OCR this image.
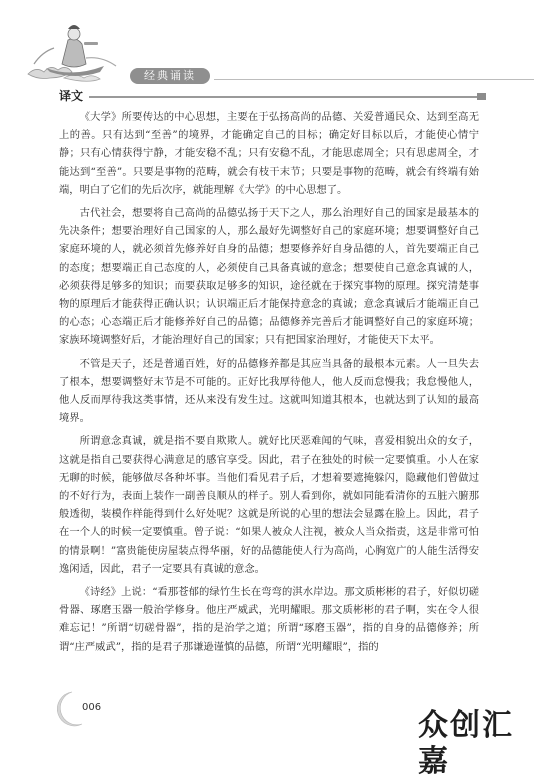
经典诵读
译文

《大学》所要传达的中心思想，主要在于弘扬高尚的品德、关爱普通民众、达到至高无上的善。只有达到“至善”的境界，才能确定自己的目标；确定好目标以后，才能使心情宁静；只有心情获得宁静，才能安稳不乱；只有安稳不乱，才能思虑周全；只有思虑周全，才能达到“至善”。只要是事物的范畴，就会有枝干末节；只要是事物的范畴，就会有终端有始端，明白了它们的先后次序，就能理解《大学》的中心思想了。

古代社会，想要将自己高尚的品德弘扬于天下之人，那么治理好自己的国家是最基本的先决条件；想要治理好自己国家的人，那么最好先调整好自己的家庭环境；想要调整好自己家庭环境的人，就必须首先修养好自身的品德；想要修养好自身品德的人，首先要端正自己的态度；想要端正自己态度的人，必须使自己具备真诚的意念；想要使自己意念真诚的人，必须获得足够多的知识；而要获取足够多的知识，途径就在于探究事物的原理。探究清楚事物的原理后才能获得正确认识；认识端正后才能保持意念的真诚；意念真诚后才能端正自己的心态；心态端正后才能修养好自己的品德；品德修养完善后才能调整好自己的家庭环境；家族环境调整好后，才能治理好自己的国家；只有把国家治理好，才能使天下太平。

不管是天子，还是普通百姓，好的品德修养都是其应当具备的最根本元素。人一旦失去了根本，想要调整好末节是不可能的。正好比我厚待他人，他人反而怠慢我；我怠慢他人，他人反而厚待我这类事情，还从来没有发生过。这就叫知道其根本，也就达到了认知的最高境界。

所谓意念真诚，就是指不要自欺欺人。就好比厌恶难闻的气味，喜爱相貌出众的女子，这就是指自己要获得心满意足的感官享受。因此，君子在独处的时候一定要慎重。小人在家无聊的时候，能够做尽各种坏事。当他们看见君子后，才想着要遮掩躲闪，隐藏他们曾做过的不好行为，表面上装作一副善良顺从的样子。别人看到你，就如同能看清你的五脏六腑那般透彻，装模作样能得到什么好处呢？这就是所说的心里的想法会显露在脸上。因此，君子在一个人的时候一定要慎重。曾子说：“如果人被众人注视，被众人当众指责，这是非常可怕的情景啊！”富贵能使房屋装点得华丽，好的品德能使人行为高尚，心胸宽广的人能生活得安逸闲适，因此，君子一定要具有真诚的意念。

《诗经》上说：“看那苍郁的绿竹生长在弯弯的淇水岸边。那文质彬彬的君子，好似切磋骨器、琢磨玉器一般治学修身。他庄严威武，光明耀眼。那文质彬彬的君子啊，实在令人很难忘记！”所谓“切磋骨器”，指的是治学之道；所谓“琢磨玉器”，指的自身的品德修养；所谓“庄严威武”，指的是君子那谦逊谨慎的品德，所谓“光明耀眼”，指的

006
众创汇嘉
